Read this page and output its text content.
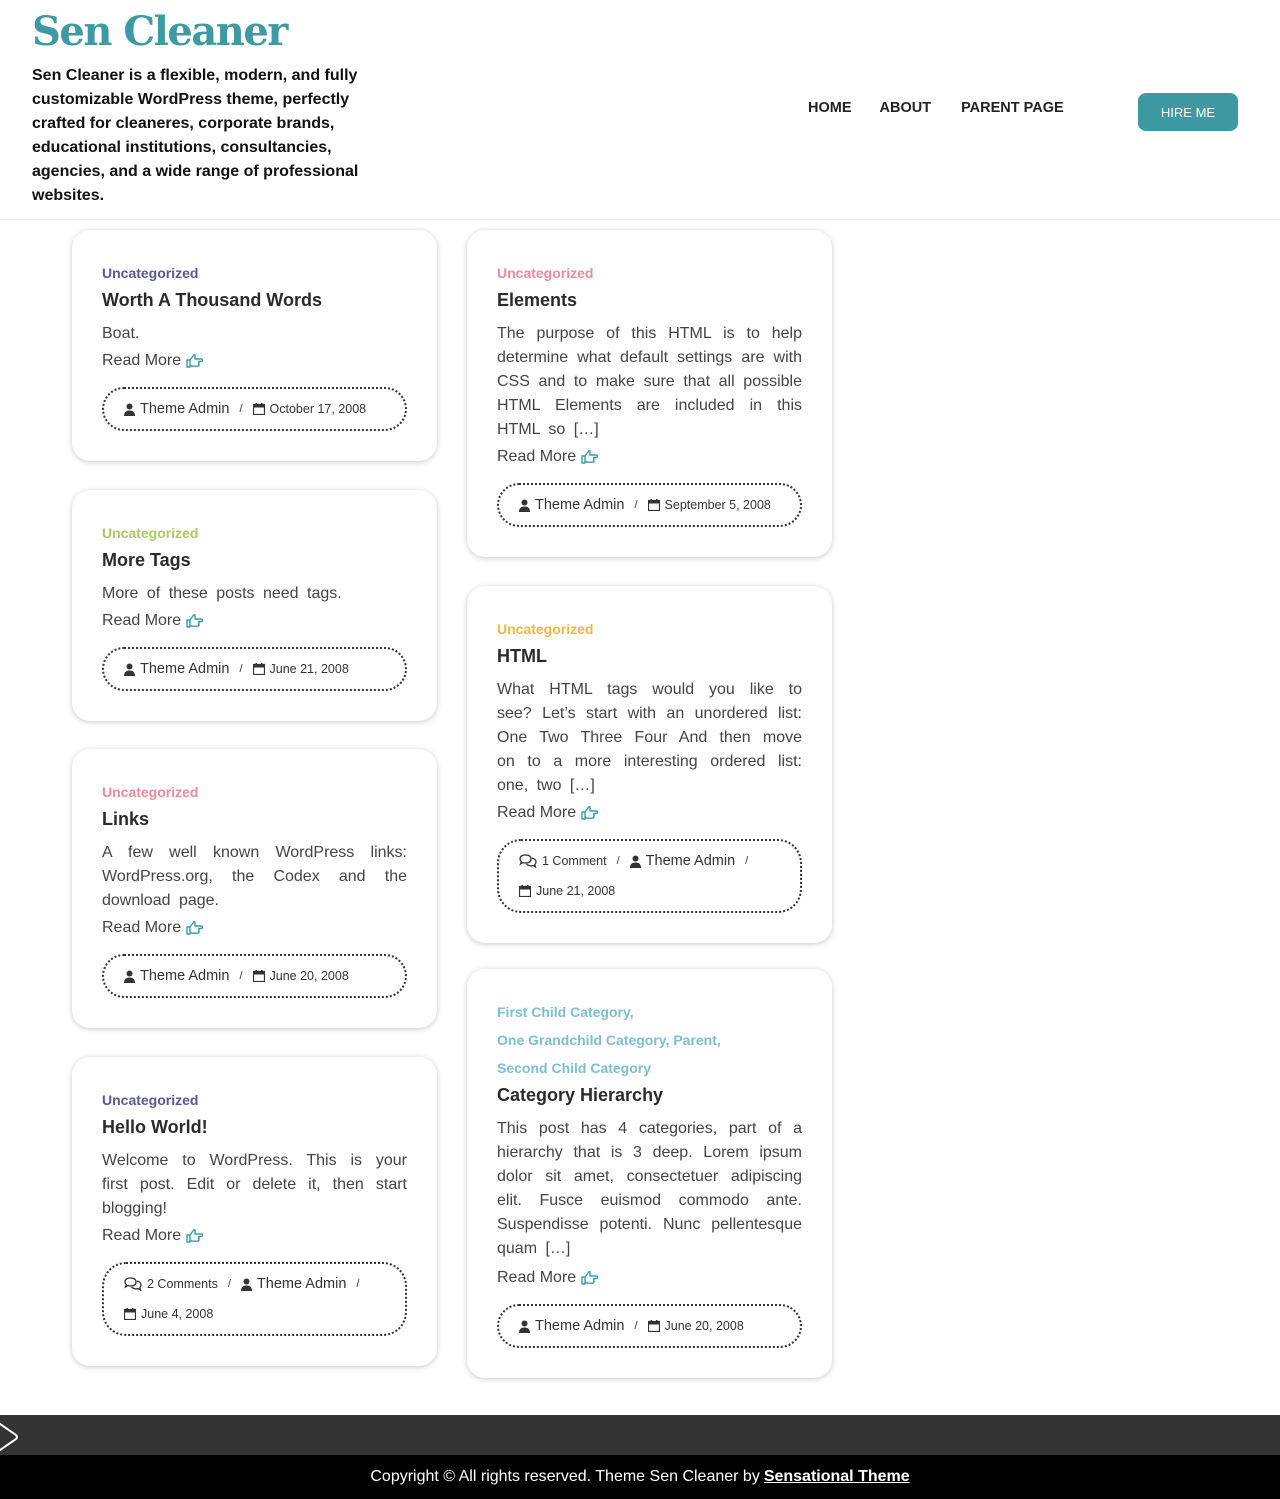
Sen Cleaner

Sen Cleaner is a flexible, modern, and fully customizable WordPress theme, perfectly crafted for cleaneres, corporate brands, educational institutions, consultancies, agencies, and a wide range of professional websites.

HOME ABOUT PARENT PAGE	HIRE ME
Uncategorized
Worth A Thousand Words

Boat.

Read More
Theme Admin / October 17, 2008
Uncategorized
More Tags

More of these posts need tags.

Read More
Theme Admin / June 21, 2008
Uncategorized
Links

A few well known WordPress links: WordPress.org, the Codex and the download page.

Read More
Theme Admin / June 20, 2008
Uncategorized
Hello World!

Welcome to WordPress. This is your first post. Edit or delete it, then start blogging!

Read More
2 Comments / Theme Admin /
June 4, 2008
Uncategorized
Elements

The purpose of this HTML is to help determine what default settings are with CSS and to make sure that all possible HTML Elements are included in this HTML so […]

Read More
Theme Admin / September 5, 2008
Uncategorized
HTML

What HTML tags would you like to see? Let’s start with an unordered list: One Two Three Four And then move on to a more interesting ordered list: one, two […]

Read More
1 Comment / Theme Admin /
June 21, 2008
First Child Category,
One Grandchild Category, Parent,
Second Child Category
Category Hierarchy

This post has 4 categories, part of a hierarchy that is 3 deep. Lorem ipsum dolor sit amet, consectetuer adipiscing elit. Fusce euismod commodo ante. Suspendisse potenti. Nunc pellentesque quam […]

Read More
Theme Admin / June 20, 2008
Copyright © All rights reserved. Theme Sen Cleaner by Sensational Theme
